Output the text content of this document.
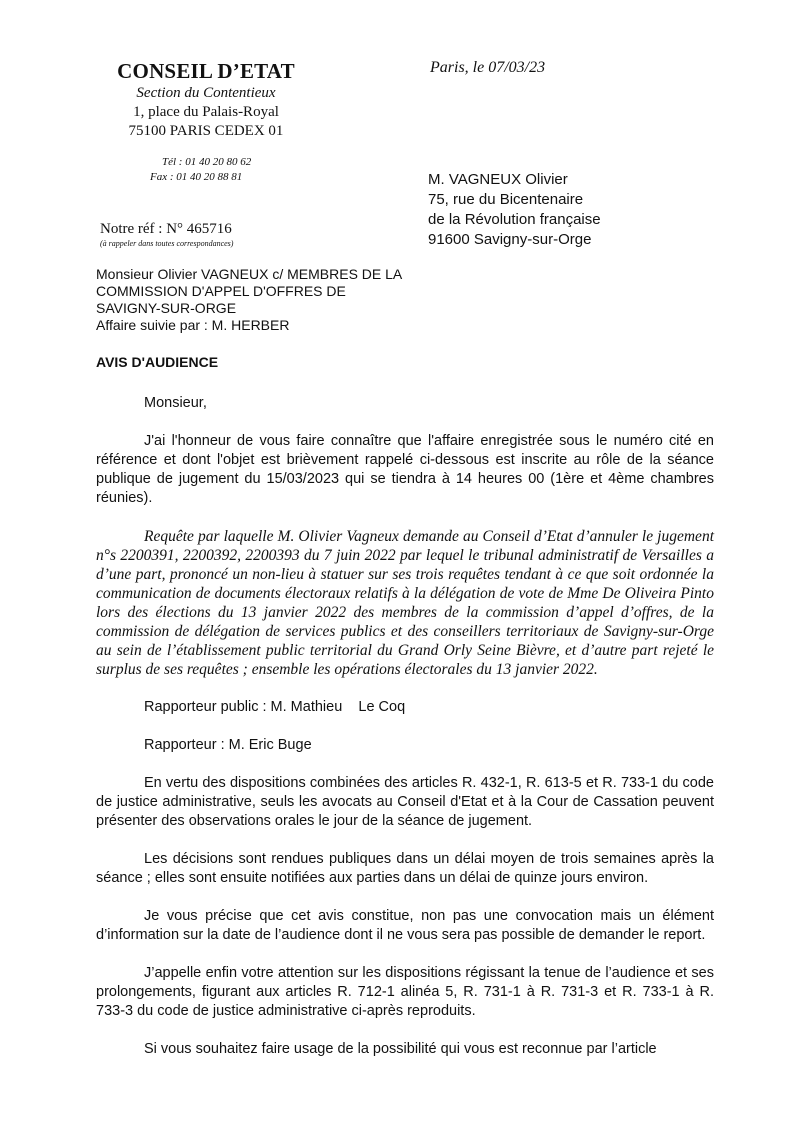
CONSEIL D’ETAT
Section du Contentieux
1, place du Palais-Royal
75100 PARIS CEDEX 01
Tél : 01 40 20 80 62
Fax : 01 40 20 88 81
Paris, le 07/03/23
M. VAGNEUX Olivier
75, rue du Bicentenaire
de la Révolution française
91600 Savigny-sur-Orge
Notre réf : N° 465716
(à rappeler dans toutes correspondances)
Monsieur Olivier VAGNEUX c/ MEMBRES DE LA
COMMISSION D'APPEL D'OFFRES DE
SAVIGNY-SUR-ORGE
Affaire suivie par : M. HERBER
AVIS D'AUDIENCE

Monsieur,

J'ai l'honneur de vous faire connaître que l'affaire enregistrée sous le numéro cité en référence et dont l'objet est brièvement rappelé ci-dessous est inscrite au rôle de la séance publique de jugement du 15/03/2023 qui se tiendra à 14 heures 00 (1ère et 4ème chambres réunies).

Requête par laquelle M. Olivier Vagneux demande au Conseil d’Etat d’annuler le jugement n°s 2200391, 2200392, 2200393 du 7 juin 2022 par lequel le tribunal administratif de Versailles a d’une part, prononcé un non-lieu à statuer sur ses trois requêtes tendant à ce que soit ordonnée la communication de documents électoraux relatifs à la délégation de vote de Mme De Oliveira Pinto lors des élections du 13 janvier 2022 des membres de la commission d’appel d’offres, de la commission de délégation de services publics et des conseillers territoriaux de Savigny-sur-Orge au sein de l’établissement public territorial du Grand Orly Seine Bièvre, et d’autre part rejeté le surplus de ses requêtes ; ensemble les opérations électorales du 13 janvier 2022.

Rapporteur public : M. Mathieu    Le Coq

Rapporteur : M. Eric Buge

En vertu des dispositions combinées des articles R. 432-1, R. 613-5 et R. 733-1 du code de justice administrative, seuls les avocats au Conseil d'Etat et à la Cour de Cassation peuvent présenter des observations orales le jour de la séance de jugement.

Les décisions sont rendues publiques dans un délai moyen de trois semaines après la séance ; elles sont ensuite notifiées aux parties dans un délai de quinze jours environ.

Je vous précise que cet avis constitue, non pas une convocation mais un élément d’information sur la date de l’audience dont il ne vous sera pas possible de demander le report.

J’appelle enfin votre attention sur les dispositions régissant la tenue de l’audience et ses prolongements, figurant aux articles R. 712-1 alinéa 5, R. 731-1 à R. 731-3 et R. 733-1 à R. 733-3 du code de justice administrative ci-après reproduits.

Si vous souhaitez faire usage de la possibilité qui vous est reconnue par l’article
